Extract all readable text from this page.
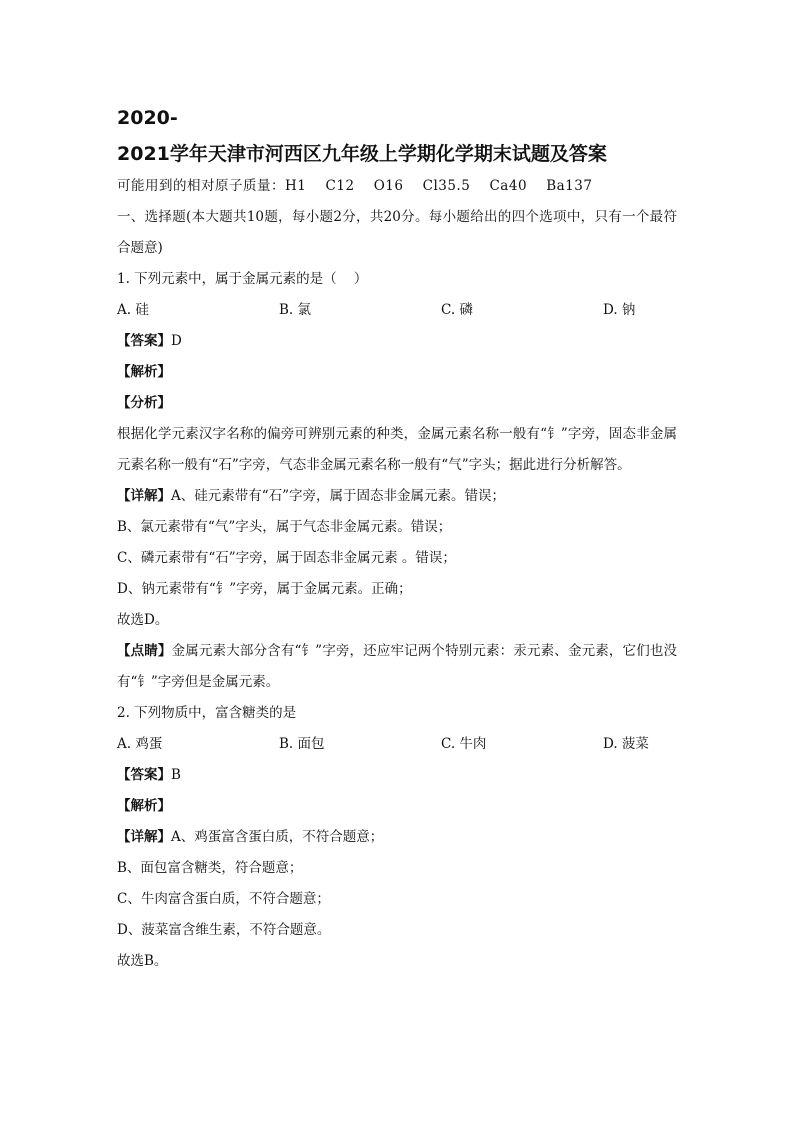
2020-

2021学年天津市河西区九年级上学期化学期末试题及答案

可能用到的相对原子质量：H1    C12    O16    Cl35.5    Ca40    Ba137

一、选择题(本大题共10题，每小题2分，共20分。每小题给出的四个选项中，只有一个最符合题意)

1. 下列元素中，属于金属元素的是（    ）

A. 硅	B. 氯	C. 磷	D. 钠

【答案】D

【解析】

【分析】

根据化学元素汉字名称的偏旁可辨别元素的种类，金属元素名称一般有“钅”字旁，固态非金属元素名称一般有“石”字旁，气态非金属元素名称一般有“气”字头；据此进行分析解答。

【详解】A、硅元素带有“石”字旁，属于固态非金属元素。错误；

B、氯元素带有“气”字头，属于气态非金属元素。错误；

C、磷元素带有“石”字旁，属于固态非金属元素 。错误；

D、钠元素带有“钅”字旁，属于金属元素。正确；

故选D。

【点睛】金属元素大部分含有“钅”字旁，还应牢记两个特别元素：汞元素、金元素，它们也没有“钅”字旁但是金属元素。

2. 下列物质中，富含糖类的是

A. 鸡蛋	B. 面包	C. 牛肉	D. 菠菜

【答案】B

【解析】

【详解】A、鸡蛋富含蛋白质，不符合题意；

B、面包富含糖类，符合题意；

C、牛肉富含蛋白质，不符合题意；

D、菠菜富含维生素，不符合题意。

故选B。
